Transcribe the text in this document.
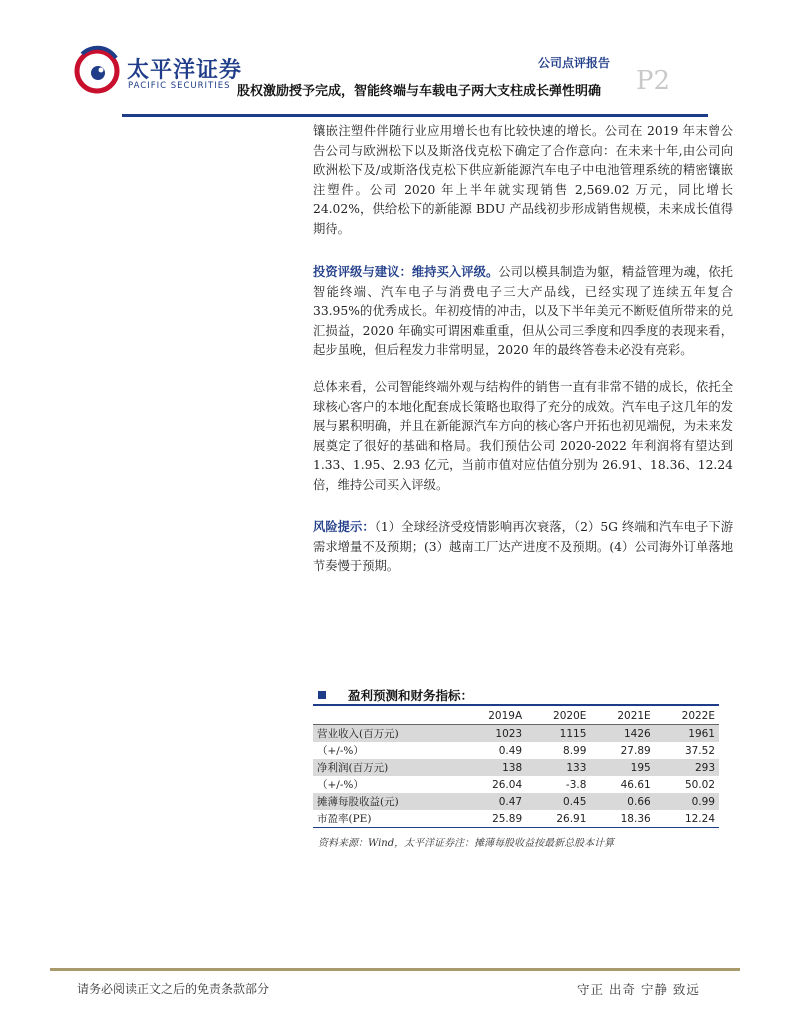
太平洋证券
PACIFIC SECURITIES
公司点评报告
股权激励授予完成，智能终端与车载电子两大支柱成长弹性明确 P2
镶嵌注塑件伴随行业应用增长也有比较快速的增长。公司在 2019 年末曾公告公司与欧洲松下以及斯洛伐克松下确定了合作意向：在未来十年,由公司向欧洲松下及/或斯洛伐克松下供应新能源汽车电子中电池管理系统的精密镶嵌注塑件。公司 2020 年上半年就实现销售 2,569.02 万元，同比增长 24.02%，供给松下的新能源 BDU 产品线初步形成销售规模，未来成长值得期待。
投资评级与建议：维持买入评级。公司以模具制造为躯，精益管理为魂，依托智能终端、汽车电子与消费电子三大产品线，已经实现了连续五年复合 33.95%的优秀成长。年初疫情的冲击，以及下半年美元不断贬值所带来的兑汇损益，2020 年确实可谓困难重重，但从公司三季度和四季度的表现来看，起步虽晚，但后程发力非常明显，2020 年的最终答卷未必没有亮彩。
总体来看，公司智能终端外观与结构件的销售一直有非常不错的成长，依托全球核心客户的本地化配套成长策略也取得了充分的成效。汽车电子这几年的发展与累积明确，并且在新能源汽车方向的核心客户开拓也初见端倪，为未来发展奠定了很好的基础和格局。我们预估公司 2020-2022 年利润将有望达到 1.33、1.95、2.93 亿元，当前市值对应估值分别为 26.91、18.36、12.24 倍，维持公司买入评级。
风险提示：（1）全球经济受疫情影响再次衰落，（2）5G 终端和汽车电子下游需求增量不及预期；(3）越南工厂达产进度不及预期。(4）公司海外订单落地节奏慢于预期。
盈利预测和财务指标：
	2019A	2020E	2021E	2022E
营业收入(百万元)	1023	1115	1426	1961
（+/-%）	0.49	8.99	27.89	37.52
净利润(百万元)	138	133	195	293
（+/-%）	26.04	-3.8	46.61	50.02
摊薄每股收益(元)	0.47	0.45	0.66	0.99
市盈率(PE)	25.89	26.91	18.36	12.24
资料来源：Wind，太平洋证券注：摊薄每股收益按最新总股本计算
请务必阅读正文之后的免责条款部分	守正 出奇 宁静 致远
